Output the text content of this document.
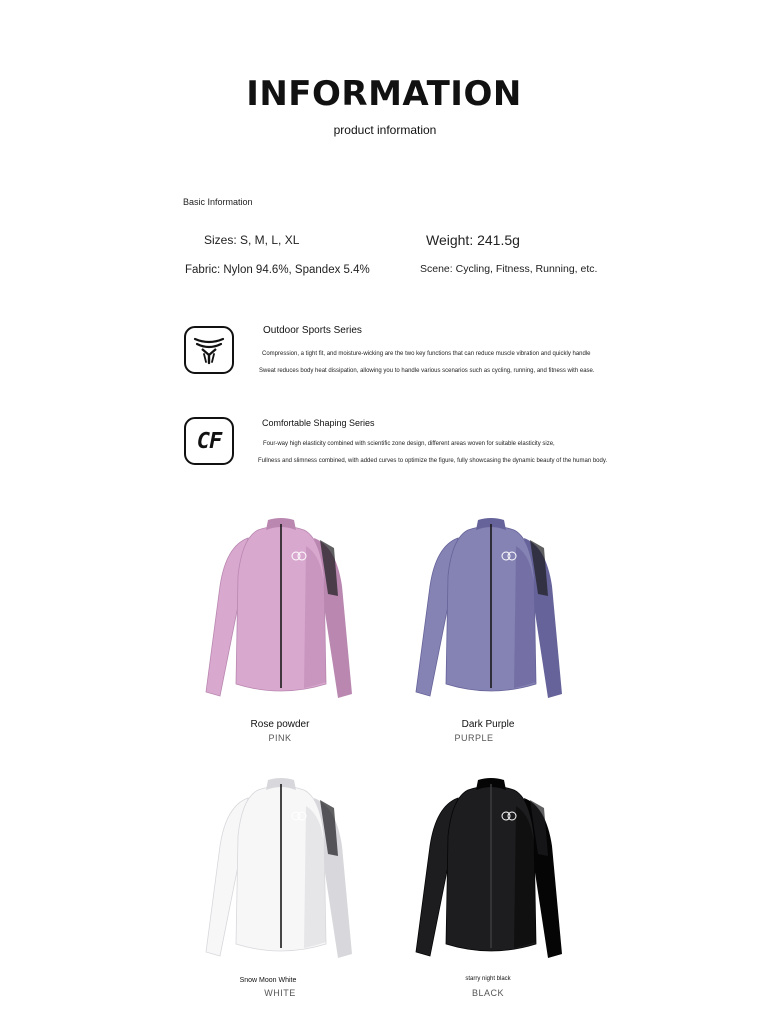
INFORMATION
product information
Basic Information
Sizes: S, M, L, XL	Weight: 241.5g
Fabric: Nylon 94.6%, Spandex 5.4%	Scene: Cycling, Fitness, Running, etc.
Outdoor Sports Series
Compression, a tight fit, and moisture-wicking are the two key functions that can reduce muscle vibration and quickly handle
Sweat reduces body heat dissipation, allowing you to handle various scenarios such as cycling, running, and fitness with ease.
CF
Comfortable Shaping Series
Four-way high elasticity combined with scientific zone design, different areas woven for suitable elasticity size,
Fullness and slimness combined, with added curves to optimize the figure, fully showcasing the dynamic beauty of the human body.
Rose powder
PINK
Dark Purple
PURPLE
Snow Moon White
WHITE
starry night black
BLACK
